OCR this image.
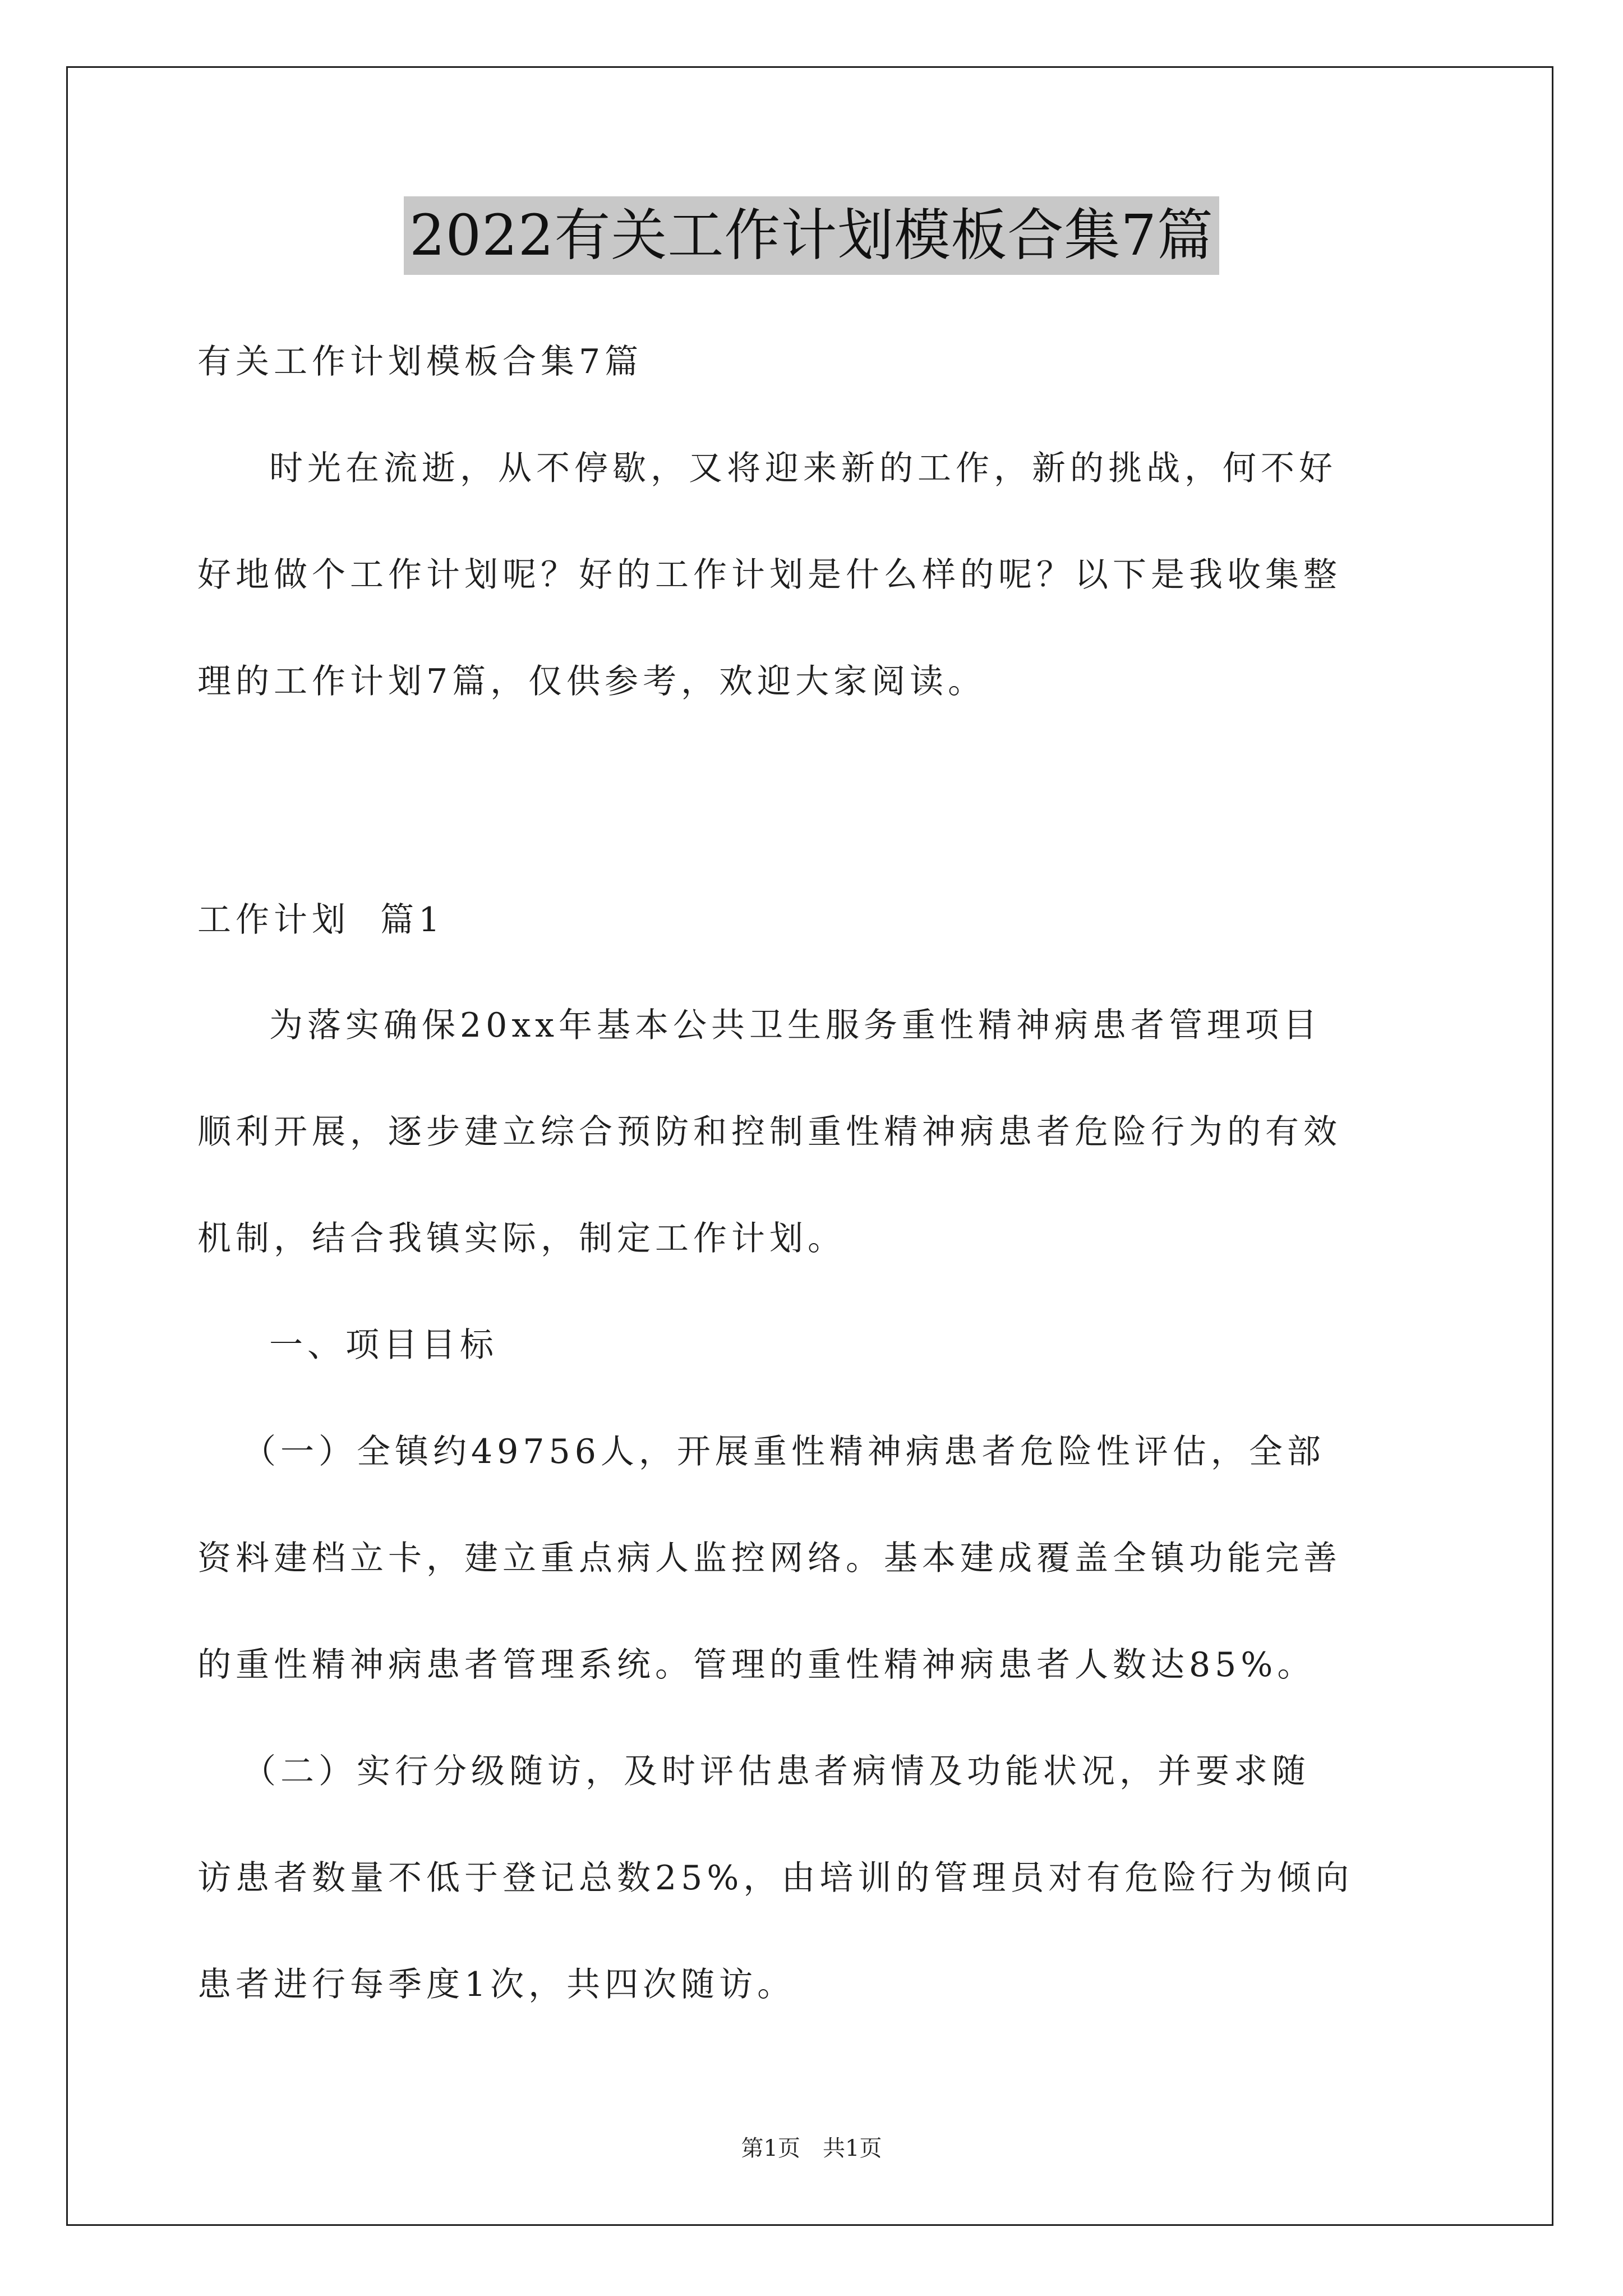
2022有关工作计划模板合集7篇
有关工作计划模板合集7篇
时光在流逝，从不停歇，又将迎来新的工作，新的挑战，何不好
好地做个工作计划呢？好的工作计划是什么样的呢？以下是我收集整
理的工作计划7篇，仅供参考，欢迎大家阅读。
工作计划  篇1
为落实确保20xx年基本公共卫生服务重性精神病患者管理项目
顺利开展，逐步建立综合预防和控制重性精神病患者危险行为的有效
机制，结合我镇实际，制定工作计划。
一、项目目标
（一）全镇约49756人，开展重性精神病患者危险性评估，全部
资料建档立卡，建立重点病人监控网络。基本建成覆盖全镇功能完善
的重性精神病患者管理系统。管理的重性精神病患者人数达85%。
（二）实行分级随访，及时评估患者病情及功能状况，并要求随
访患者数量不低于登记总数25%，由培训的管理员对有危险行为倾向
患者进行每季度1次，共四次随访。
第1页 共1页
